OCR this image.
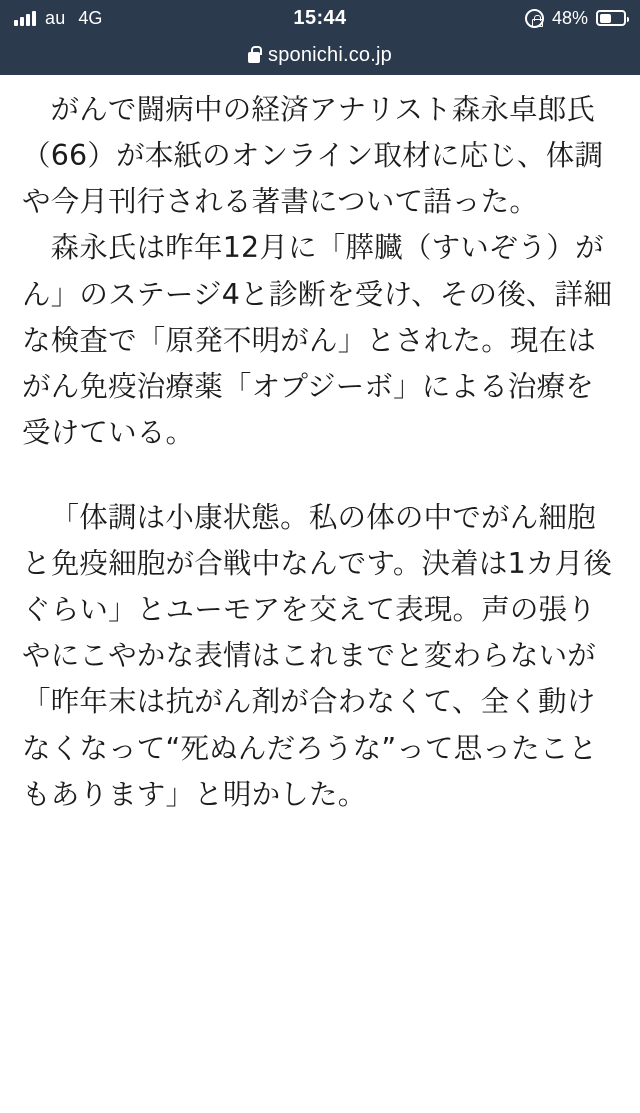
au 4G	15:44	48%
sponichi.co.jp

がんで闘病中の経済アナリスト森永卓郎氏（66）が本紙のオンライン取材に応じ、体調や今月刊行される著書について語った。

森永氏は昨年12月に「膵臓（すいぞう）がん」のステージ4と診断を受け、その後、詳細な検査で「原発不明がん」とされた。現在はがん免疫治療薬「オプジーボ」による治療を受けている。

「体調は小康状態。私の体の中でがん細胞と免疫細胞が合戦中なんです。決着は1カ月後ぐらい」とユーモアを交えて表現。声の張りやにこやかな表情はこれまでと変わらないが「昨年末は抗がん剤が合わなくて、全く動けなくなって“死ぬんだろうな”って思ったこともあります」と明かした。
